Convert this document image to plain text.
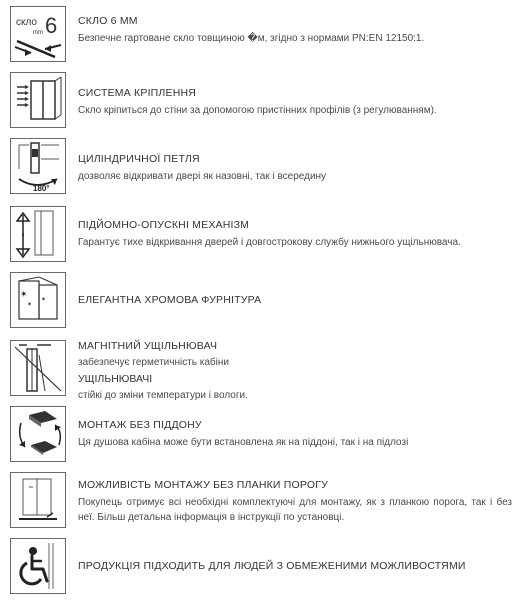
скло
mm 6 СКЛО 6 ММ

Безпечне гартоване скло товщиною �м, згідно з нормами PN:EN 12150:1.

СИСТЕМА КРІПЛЕННЯ

Скло кріпиться до стіни за допомогою пристінних профілів (з регулюванням).

180°

ЦИЛІНДРИЧНОЇ ПЕТЛЯ

дозволяє відкривати двері як назовні, так і всередину

ПІДЙОМНО-ОПУСКНІ МЕХАНІЗМ

Гарантує тихе відкривання дверей і довгострокову службу нижнього ущільнювача.

✶
✶
✶	ЕЛЕГАНТНА ХРОМОВА ФУРНІТУРА

МАГНІТНИЙ УЩІЛЬНЮВАЧ

забезпечує герметичність кабіни

УЩІЛЬНЮВАЧІ

стійкі до зміни температури і вологи.

МОНТАЖ БЕЗ ПІДДОНУ

Ця душова кабіна може бути встановлена як на піддоні, так і на підлозі

МОЖЛИВІСТЬ МОНТАЖУ БЕЗ ПЛАНКИ ПОРОГУ

Покупець отримує всі необхідні комплектуючі для монтажу, як з планкою порога, так і без неї. Більш детальна інформація в інструкції по установці.

ПРОДУКЦІЯ ПІДХОДИТЬ ДЛЯ ЛЮДЕЙ З ОБМЕЖЕНИМИ МОЖЛИВОСТЯМИ
